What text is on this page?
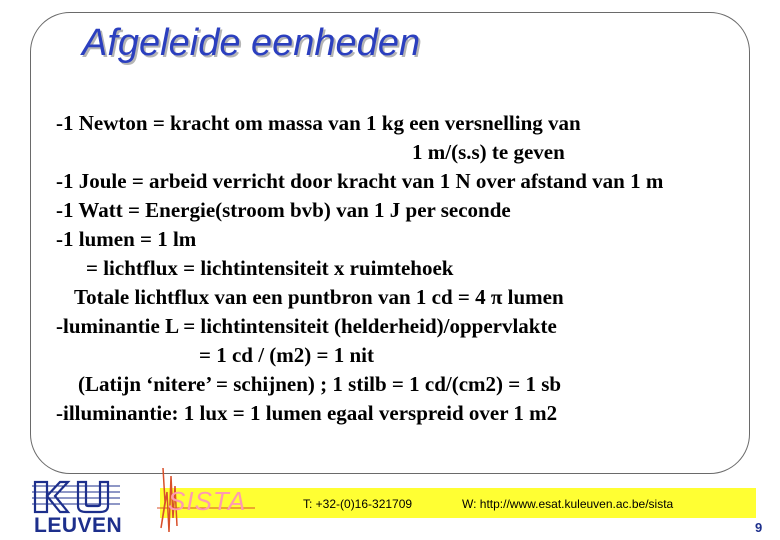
Afgeleide eenheden
-1 Newton = kracht om massa van 1 kg een versnelling van
1 m/(s.s) te geven
-1 Joule = arbeid verricht door kracht van 1 N over afstand van 1 m
-1 Watt = Energie(stroom bvb) van 1 J per seconde
-1 lumen = 1 lm
= lichtflux = lichtintensiteit x ruimtehoek
Totale lichtflux van een puntbron van 1 cd = 4 π lumen
-luminantie L = lichtintensiteit (helderheid)/oppervlakte
= 1 cd / (m2) = 1 nit
(Latijn ‘nitere’ = schijnen) ; 1 stilb = 1 cd/(cm2) = 1 sb
-illuminantie: 1 lux = 1 lumen egaal verspreid over 1 m2
LEUVEN
T: +32-(0)16-321709	W: http://www.esat.kuleuven.ac.be/sista
SISTA
9
